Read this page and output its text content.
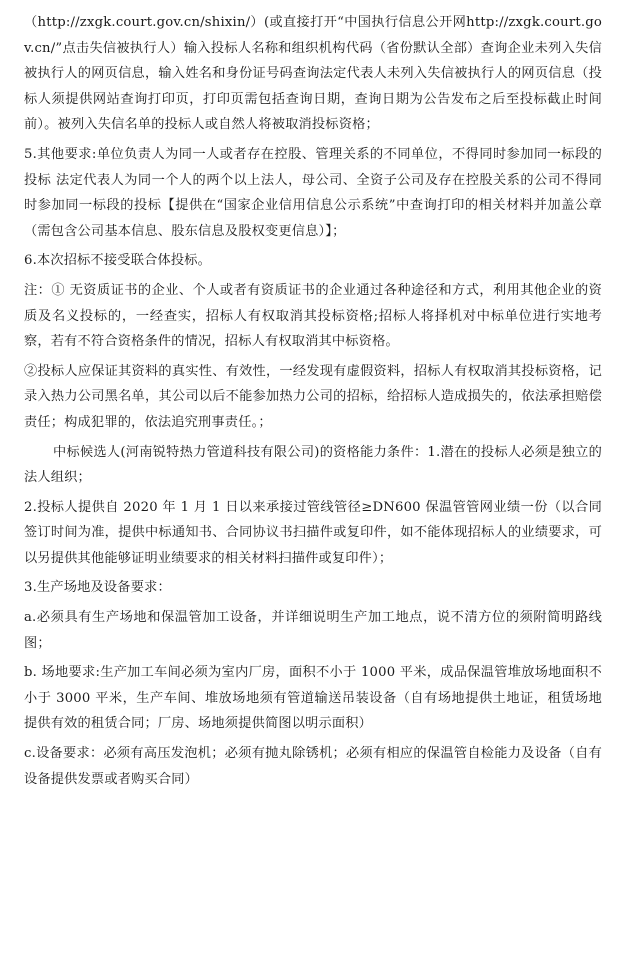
（http://zxgk.court.gov.cn/shixin/）(或直接打开“中国执行信息公开网http://zxgk.court.gov.cn/”点击失信被执行人）输入投标人名称和组织机构代码（省份默认全部）查询企业未列入失信被执行人的网页信息，输入姓名和身份证号码查询法定代表人未列入失信被执行人的网页信息（投标人须提供网站查询打印页，打印页需包括查询日期，查询日期为公告发布之后至投标截止时间前）。被列入失信名单的投标人或自然人将被取消投标资格；

5.其他要求:单位负责人为同一人或者存在控股、管理关系的不同单位，不得同时参加同一标段的投标 法定代表人为同一个人的两个以上法人，母公司、全资子公司及存在控股关系的公司不得同时参加同一标段的投标【提供在“国家企业信用信息公示系统”中查询打印的相关材料并加盖公章（需包含公司基本信息、股东信息及股权变更信息）】；

6.本次招标不接受联合体投标。

注：① 无资质证书的企业、个人或者有资质证书的企业通过各种途径和方式，利用其他企业的资质及名义投标的，一经查实，招标人有权取消其投标资格;招标人将择机对中标单位进行实地考察，若有不符合资格条件的情况，招标人有权取消其中标资格。

②投标人应保证其资料的真实性、有效性，一经发现有虚假资料，招标人有权取消其投标资格，记录入热力公司黑名单，其公司以后不能参加热力公司的招标，给招标人造成损失的，依法承担赔偿责任；构成犯罪的，依法追究刑事责任。；

中标候选人(河南锐特热力管道科技有限公司)的资格能力条件：1.潜在的投标人必须是独立的法人组织；

2.投标人提供自 2020 年 1 月 1 日以来承接过管线管径≥DN600 保温管管网业绩一份（以合同签订时间为准，提供中标通知书、合同协议书扫描件或复印件，如不能体现招标人的业绩要求，可以另提供其他能够证明业绩要求的相关材料扫描件或复印件）；

3.生产场地及设备要求：

a.必须具有生产场地和保温管加工设备，并详细说明生产加工地点，说不清方位的须附简明路线图；

b. 场地要求:生产加工车间必须为室内厂房，面积不小于 1000 平米，成品保温管堆放场地面积不小于 3000 平米，生产车间、堆放场地须有管道输送吊装设备（自有场地提供土地证，租赁场地提供有效的租赁合同；厂房、场地须提供简图以明示面积）

c.设备要求：必须有高压发泡机；必须有抛丸除锈机；必须有相应的保温管自检能力及设备（自有设备提供发票或者购买合同）
